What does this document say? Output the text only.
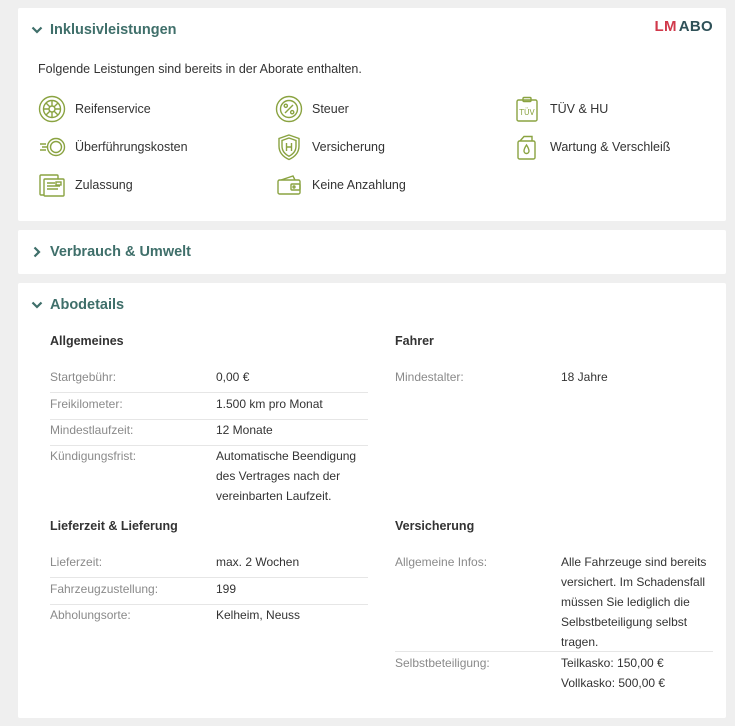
Inklusivleistungen	LM ABO
Folgende Leistungen sind bereits in der Aborate enthalten.
Reifenservice	Steuer	TÜV TÜV & HU
Überführungskosten	Versicherung	Wartung & Verschleiß
Zulassung	Keine Anzahlung
Verbrauch & Umwelt
Abodetails
Allgemeines
Startgebühr:	0,00 €
Freikilometer:	1.500 km pro Monat
Mindestlaufzeit:	12 Monate
Kündigungsfrist:	Automatische Beendigung des Vertrages nach der vereinbarten Laufzeit.
Fahrer
Mindestalter:	18 Jahre
Lieferzeit & Lieferung
Lieferzeit:	max. 2 Wochen
Fahrzeugzustellung:	199
Abholungsorte:	Kelheim, Neuss
Versicherung
Allgemeine Infos:	Alle Fahrzeuge sind bereits versichert. Im Schadensfall müssen Sie lediglich die Selbstbeteiligung selbst tragen.
Selbstbeteiligung:	Teilkasko: 150,00 €
Vollkasko: 500,00 €
